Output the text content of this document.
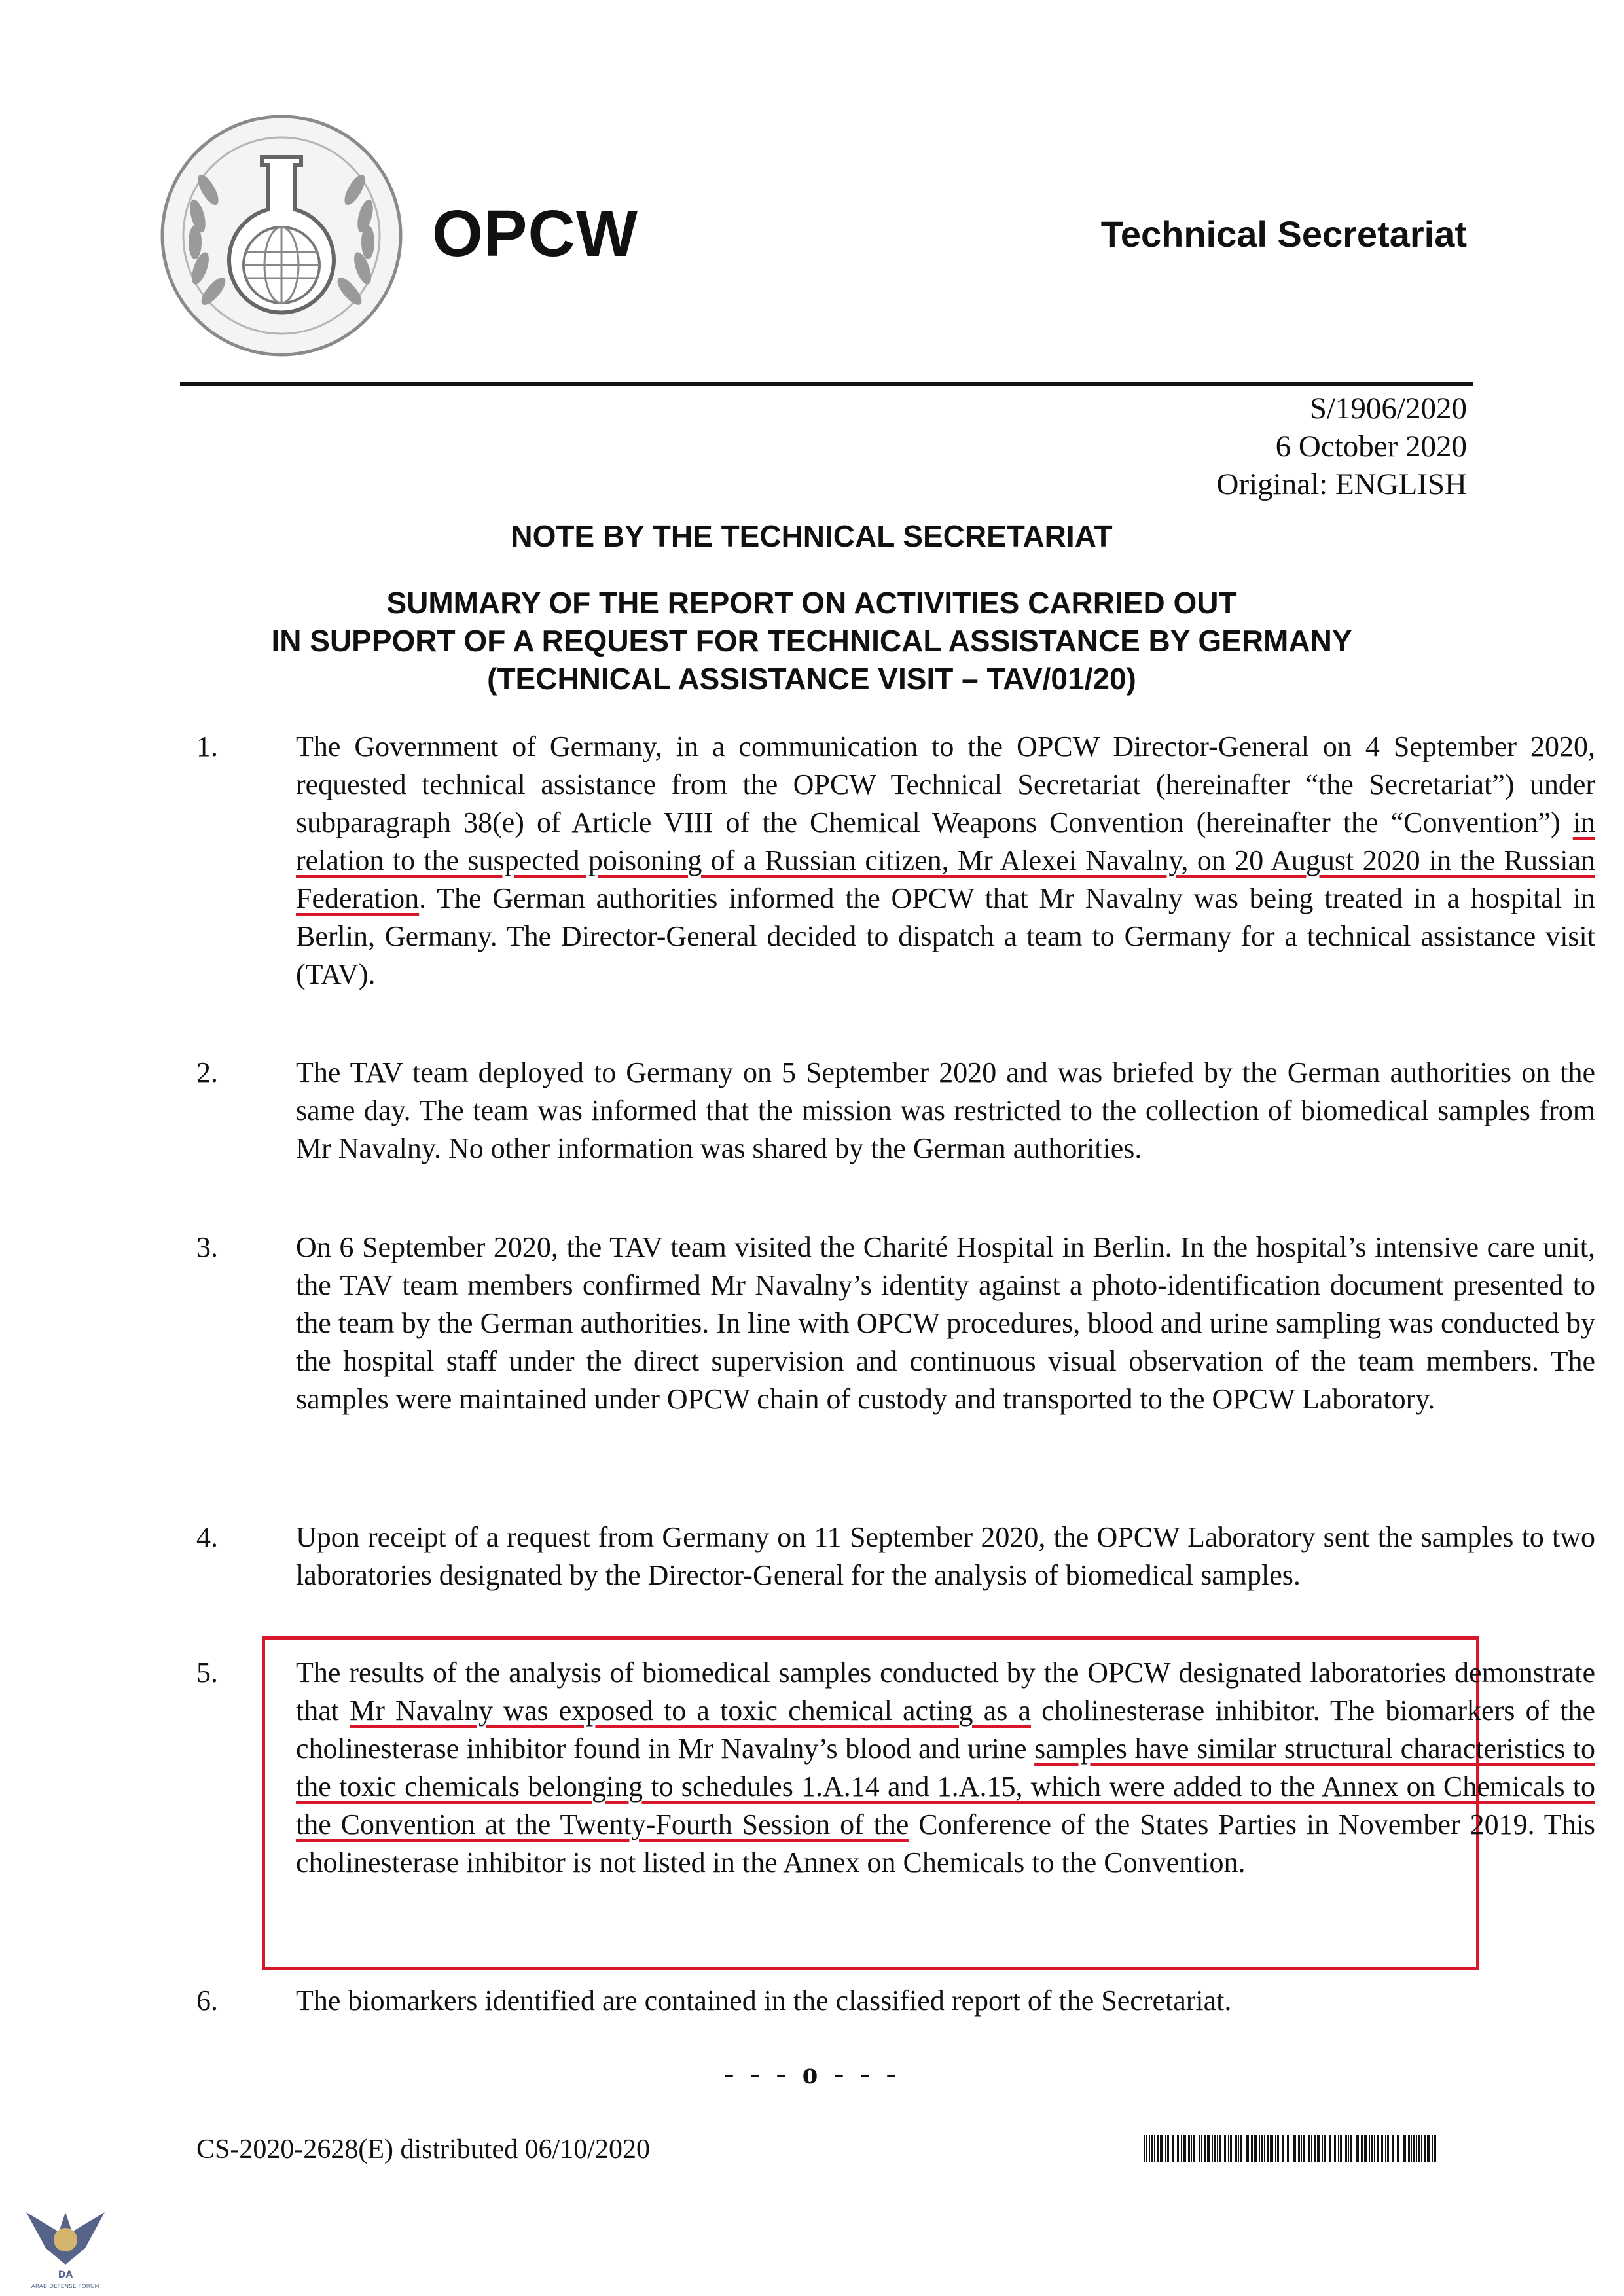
OPCW	Technical Secretariat
S/1906/2020
6 October 2020
Original: ENGLISH
NOTE BY THE TECHNICAL SECRETARIAT
SUMMARY OF THE REPORT ON ACTIVITIES CARRIED OUT
IN SUPPORT OF A REQUEST FOR TECHNICAL ASSISTANCE BY GERMANY
(TECHNICAL ASSISTANCE VISIT – TAV/01/20)
1.	The Government of Germany, in a communication to the OPCW Director-General on 4 September 2020, requested technical assistance from the OPCW Technical Secretariat (hereinafter “the Secretariat”) under subparagraph 38(e) of Article VIII of the Chemical Weapons Convention (hereinafter the “Convention”) in relation to the suspected poisoning of a Russian citizen, Mr Alexei Navalny, on 20 August 2020 in the Russian Federation. The German authorities informed the OPCW that Mr Navalny was being treated in a hospital in Berlin, Germany. The Director-General decided to dispatch a team to Germany for a technical assistance visit (TAV).
2.	The TAV team deployed to Germany on 5 September 2020 and was briefed by the German authorities on the same day. The team was informed that the mission was restricted to the collection of biomedical samples from Mr Navalny. No other information was shared by the German authorities.
3.	On 6 September 2020, the TAV team visited the Charité Hospital in Berlin. In the hospital’s intensive care unit, the TAV team members confirmed Mr Navalny’s identity against a photo-identification document presented to the team by the German authorities. In line with OPCW procedures, blood and urine sampling was conducted by the hospital staff under the direct supervision and continuous visual observation of the team members. The samples were maintained under OPCW chain of custody and transported to the OPCW Laboratory.
4.	Upon receipt of a request from Germany on 11 September 2020, the OPCW Laboratory sent the samples to two laboratories designated by the Director-General for the analysis of biomedical samples.
5.	The results of the analysis of biomedical samples conducted by the OPCW designated laboratories demonstrate that Mr Navalny was exposed to a toxic chemical acting as a cholinesterase inhibitor. The biomarkers of the cholinesterase inhibitor found in Mr Navalny’s blood and urine samples have similar structural characteristics to the toxic chemicals belonging to schedules 1.A.14 and 1.A.15, which were added to the Annex on Chemicals to the Convention at the Twenty-Fourth Session of the Conference of the States Parties in November 2019. This cholinesterase inhibitor is not listed in the Annex on Chemicals to the Convention.
6.	The biomarkers identified are contained in the classified report of the Secretariat.
- - - o - - -
CS-2020-2628(E) distributed 06/10/2020
DA
ARAB DEFENSE FORUM
